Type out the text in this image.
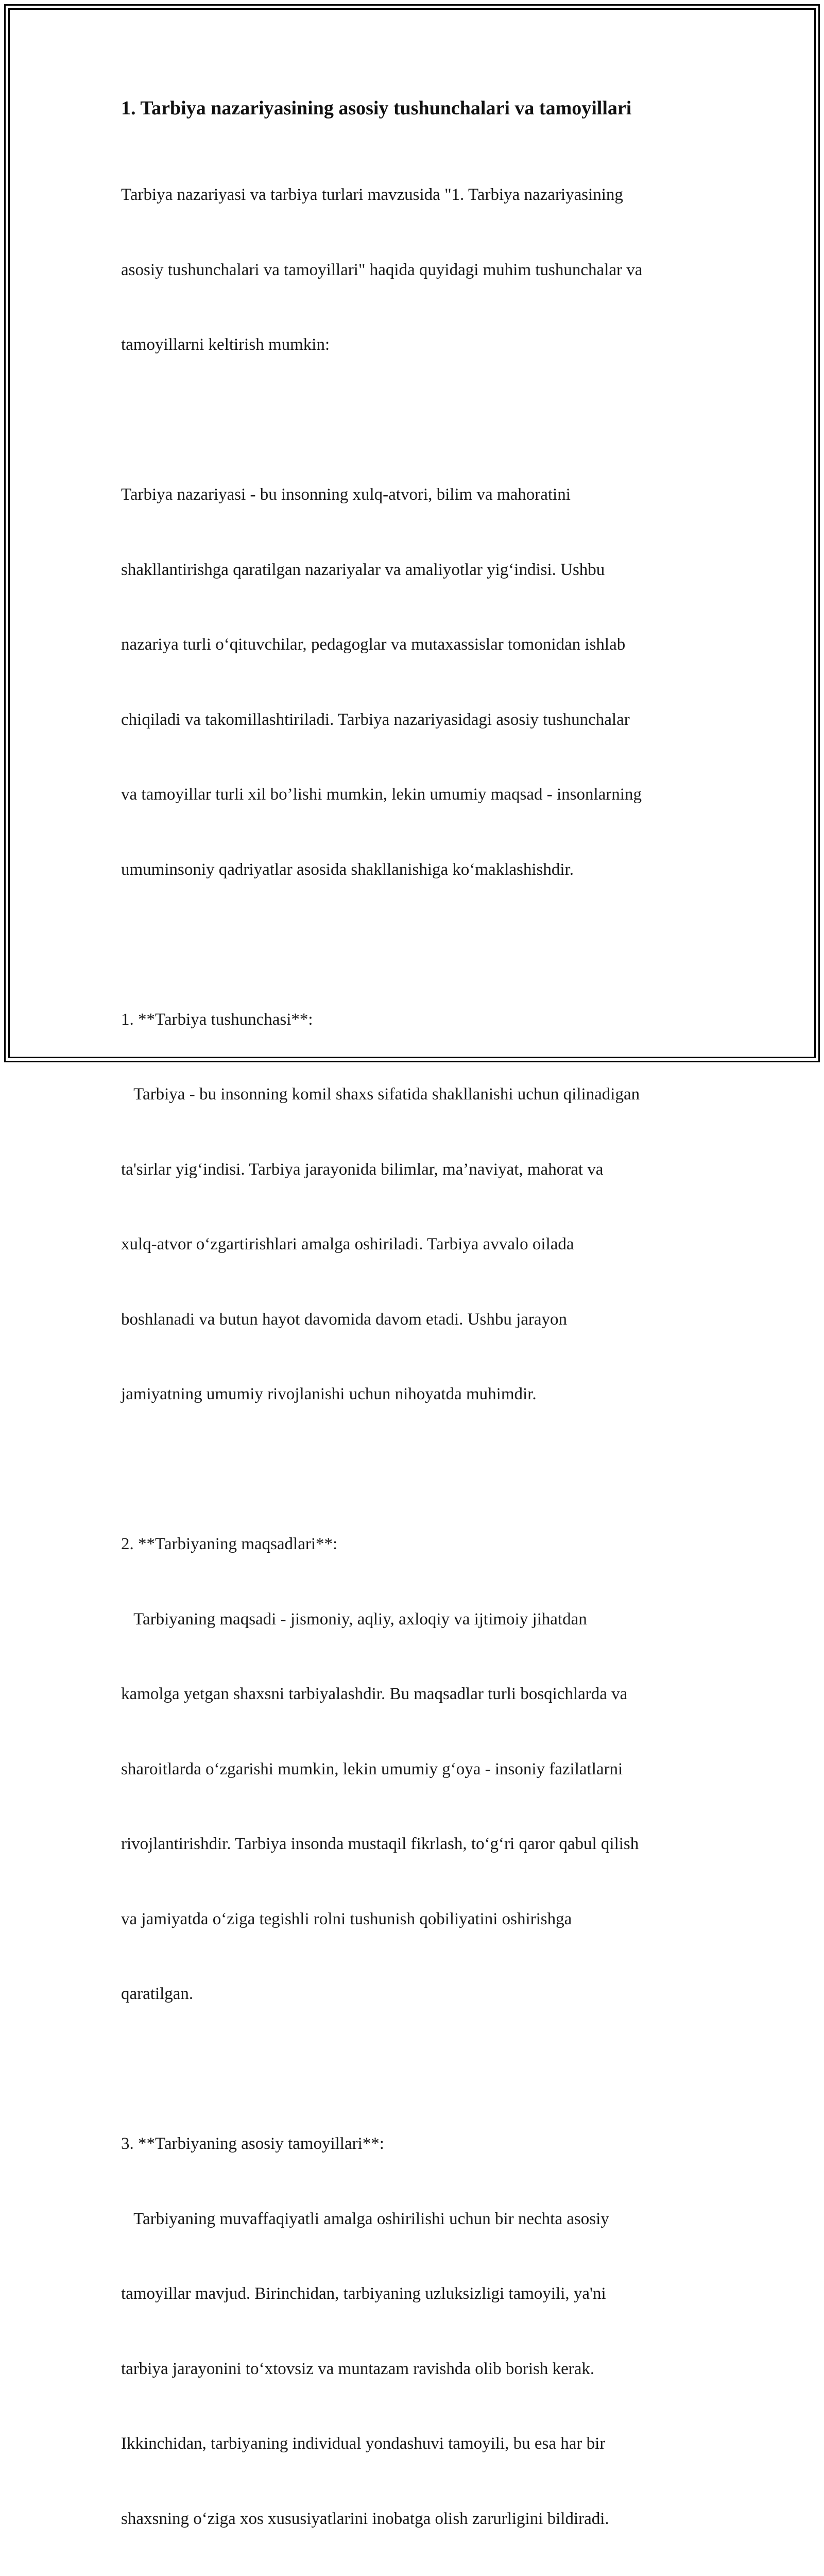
1. Tarbiya nazariyasining asosiy tushunchalari va tamoyillari

Tarbiya nazariyasi va tarbiya turlari mavzusida "1. Tarbiya nazariyasining

asosiy tushunchalari va tamoyillari" haqida quyidagi muhim tushunchalar va

tamoyillarni keltirish mumkin:

Tarbiya nazariyasi - bu insonning xulq-atvori, bilim va mahoratini

shakllantirishga qaratilgan nazariyalar va amaliyotlar yig‘indisi. Ushbu

nazariya turli o‘qituvchilar, pedagoglar va mutaxassislar tomonidan ishlab

chiqiladi va takomillashtiriladi. Tarbiya nazariyasidagi asosiy tushunchalar

va tamoyillar turli xil bo’lishi mumkin, lekin umumiy maqsad - insonlarning

umuminsoniy qadriyatlar asosida shakllanishiga ko‘maklashishdir.

1. **Tarbiya tushunchasi**:

Tarbiya - bu insonning komil shaxs sifatida shakllanishi uchun qilinadigan

ta'sirlar yig‘indisi. Tarbiya jarayonida bilimlar, ma’naviyat, mahorat va

xulq-atvor o‘zgartirishlari amalga oshiriladi. Tarbiya avvalo oilada

boshlanadi va butun hayot davomida davom etadi. Ushbu jarayon

jamiyatning umumiy rivojlanishi uchun nihoyatda muhimdir.

2. **Tarbiyaning maqsadlari**:

Tarbiyaning maqsadi - jismoniy, aqliy, axloqiy va ijtimoiy jihatdan

kamolga yetgan shaxsni tarbiyalashdir. Bu maqsadlar turli bosqichlarda va

sharoitlarda o‘zgarishi mumkin, lekin umumiy g‘oya - insoniy fazilatlarni

rivojlantirishdir. Tarbiya insonda mustaqil fikrlash, to‘g‘ri qaror qabul qilish

va jamiyatda o‘ziga tegishli rolni tushunish qobiliyatini oshirishga

qaratilgan.

3. **Tarbiyaning asosiy tamoyillari**:

Tarbiyaning muvaffaqiyatli amalga oshirilishi uchun bir nechta asosiy

tamoyillar mavjud. Birinchidan, tarbiyaning uzluksizligi tamoyili, ya'ni

tarbiya jarayonini to‘xtovsiz va muntazam ravishda olib borish kerak.

Ikkinchidan, tarbiyaning individual yondashuvi tamoyili, bu esa har bir

shaxsning o‘ziga xos xususiyatlarini inobatga olish zarurligini bildiradi.
